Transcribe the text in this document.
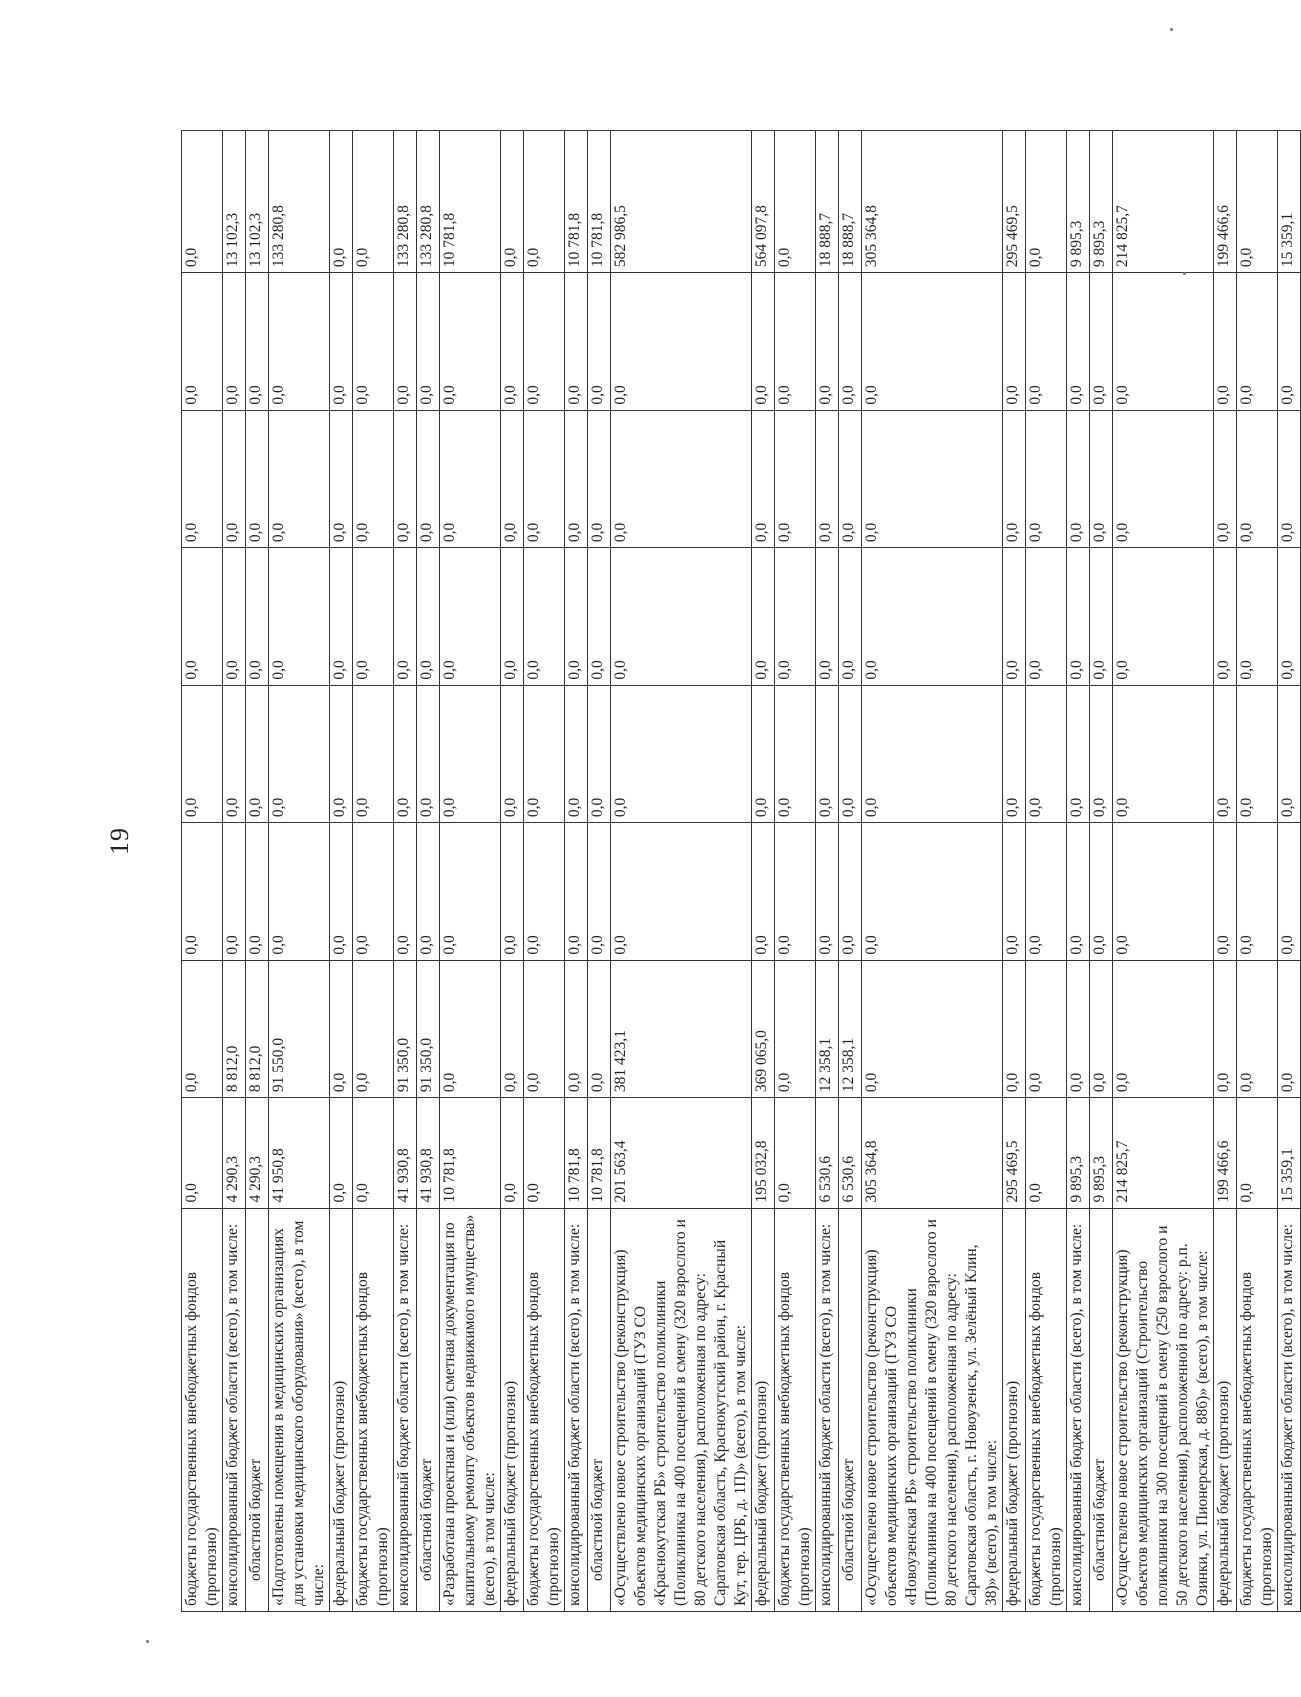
19
бюджеты государственных внебюджетных фондов (прогнозно)	0,0	0,0	0,0	0,0	0,0	0,0	0,0	0,0
консолидированный бюджет области (всего), в том числе:	4 290,3	8 812,0	0,0	0,0	0,0	0,0	0,0	13 102,3
областной бюджет	4 290,3	8 812,0	0,0	0,0	0,0	0,0	0,0	13 102,3
«Подготовлены помещения в медицинских организациях для установки медицинского оборудования» (всего), в том числе:	41 950,8	91 550,0	0,0	0,0	0,0	0,0	0,0	133 280,8
федеральный бюджет (прогнозно)	0,0	0,0	0,0	0,0	0,0	0,0	0,0	0,0
бюджеты государственных внебюджетных фондов (прогнозно)	0,0	0,0	0,0	0,0	0,0	0,0	0,0	0,0
консолидированный бюджет области (всего), в том числе:	41 930,8	91 350,0	0,0	0,0	0,0	0,0	0,0	133 280,8
областной бюджет	41 930,8	91 350,0	0,0	0,0	0,0	0,0	0,0	133 280,8
«Разработана проектная и (или) сметная документация по капитальному ремонту объектов недвижимого имущества» (всего), в том числе:	10 781,8	0,0	0,0	0,0	0,0	0,0	0,0	10 781,8
федеральный бюджет (прогнозно)	0,0	0,0	0,0	0,0	0,0	0,0	0,0	0,0
бюджеты государственных внебюджетных фондов (прогнозно)	0,0	0,0	0,0	0,0	0,0	0,0	0,0	0,0
консолидированный бюджет области (всего), в том числе:	10 781,8	0,0	0,0	0,0	0,0	0,0	0,0	10 781,8
областной бюджет	10 781,8	0,0	0,0	0,0	0,0	0,0	0,0	10 781,8
«Осуществлено новое строительство (реконструкция) объектов медицинских организаций (ГУЗ СО «Краснокутская РБ» строительство поликлиники (Поликлиника на 400 посещений в смену (320 взрослого и 80 детского населения), расположенная по адресу: Саратовская область, Краснокутский район, г. Красный Кут, тер. ЦРБ, д. 1П)» (всего), в том числе:	201 563,4	381 423,1	0,0	0,0	0,0	0,0	0,0	582 986,5
федеральный бюджет (прогнозно)	195 032,8	369 065,0	0,0	0,0	0,0	0,0	0,0	564 097,8
бюджеты государственных внебюджетных фондов (прогнозно)	0,0	0,0	0,0	0,0	0,0	0,0	0,0	0,0
консолидированный бюджет области (всего), в том числе:	6 530,6	12 358,1	0,0	0,0	0,0	0,0	0,0	18 888,7
областной бюджет	6 530,6	12 358,1	0,0	0,0	0,0	0,0	0,0	18 888,7
«Осуществлено новое строительство (реконструкция) объектов медицинских организаций (ГУЗ СО «Новоузенская РБ» строительство поликлиники (Поликлиника на 400 посещений в смену (320 взрослого и 80 детского населения), расположенная по адресу: Саратовская область, г. Новоузенск, ул. Зелёный Клин, 38)» (всего), в том числе:	305 364,8	0,0	0,0	0,0	0,0	0,0	0,0	305 364,8
федеральный бюджет (прогнозно)	295 469,5	0,0	0,0	0,0	0,0	0,0	0,0	295 469,5
бюджеты государственных внебюджетных фондов (прогнозно)	0,0	0,0	0,0	0,0	0,0	0,0	0,0	0,0
консолидированный бюджет области (всего), в том числе:	9 895,3	0,0	0,0	0,0	0,0	0,0	0,0	9 895,3
областной бюджет	9 895,3	0,0	0,0	0,0	0,0	0,0	0,0	9 895,3
«Осуществлено новое строительство (реконструкция) объектов медицинских организаций (Строительство поликлиники на 300 посещений в смену (250 взрослого и 50 детского населения), расположенной по адресу: р.п. Озинки, ул. Пионерская, д. 88б)» (всего), в том числе:	214 825,7	0,0	0,0	0,0	0,0	0,0	0,0	214 825,7
федеральный бюджет (прогнозно)	199 466,6	0,0	0,0	0,0	0,0	0,0	0,0	199 466,6
бюджеты государственных внебюджетных фондов (прогнозно)	0,0	0,0	0,0	0,0	0,0	0,0	0,0	0,0
консолидированный бюджет области (всего), в том числе:	15 359,1	0,0	0,0	0,0	0,0	0,0	0,0	15 359,1
